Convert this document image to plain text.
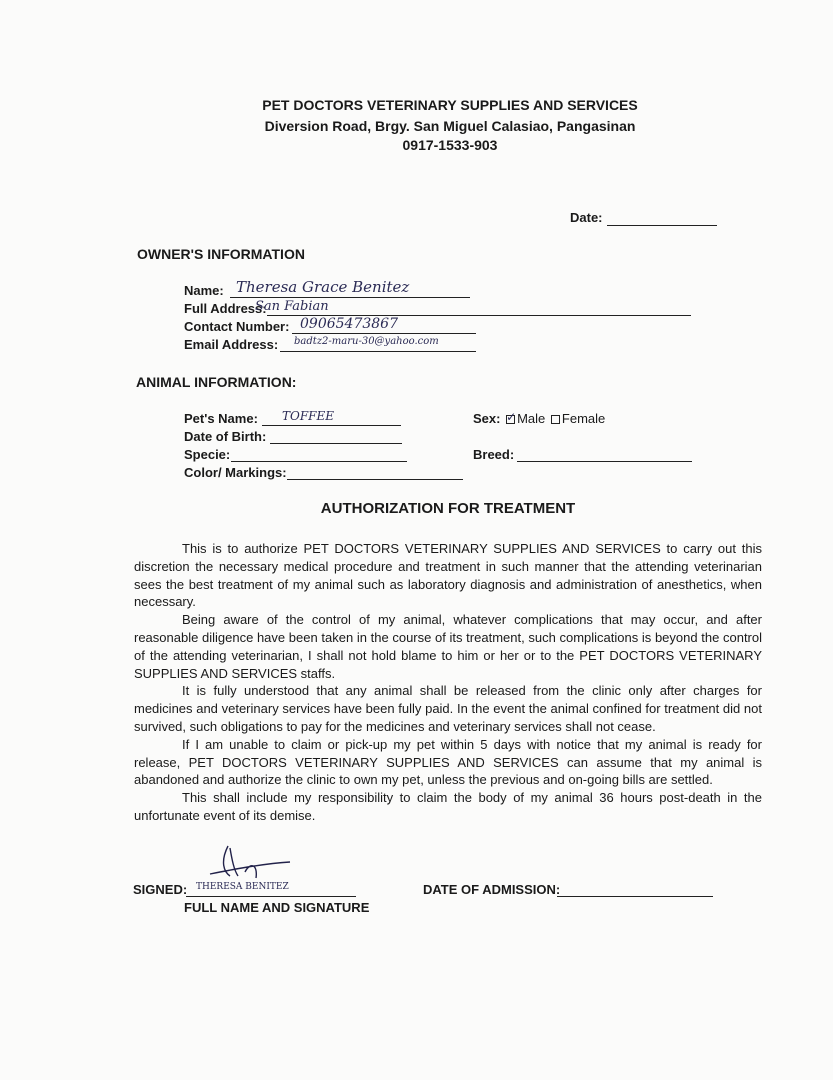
PET DOCTORS VETERINARY SUPPLIES AND SERVICES
Diversion Road, Brgy. San Miguel Calasiao, Pangasinan
0917-1533-903
Date:
OWNER'S INFORMATION
Name: Theresa Grace Benitez
Full Address:
San Fabian
Contact Number: 09065473867
Email Address: badtz2-maru-30@yahoo.com
ANIMAL INFORMATION:
Pet's Name: TOFFEE
Date of Birth:
Specie:
Color/ Markings:
Sex: ✓ Male Female
Breed:
AUTHORIZATION FOR TREATMENT

This is to authorize PET DOCTORS VETERINARY SUPPLIES AND SERVICES to carry out this discretion the necessary medical procedure and treatment in such manner that the attending veterinarian sees the best treatment of my animal such as laboratory diagnosis and administration of anesthetics, when necessary.

Being aware of the control of my animal, whatever complications that may occur, and after reasonable diligence have been taken in the course of its treatment, such complications is beyond the control of the attending veterinarian, I shall not hold blame to him or her or to the PET DOCTORS VETERINARY SUPPLIES AND SERVICES staffs.

It is fully understood that any animal shall be released from the clinic only after charges for medicines and veterinary services have been fully paid. In the event the animal confined for treatment did not survived, such obligations to pay for the medicines and veterinary services shall not cease.

If I am unable to claim or pick-up my pet within 5 days with notice that my animal is ready for release, PET DOCTORS VETERINARY SUPPLIES AND SERVICES can assume that my animal is abandoned and authorize the clinic to own my pet, unless the previous and on-going bills are settled.

This shall include my responsibility to claim the body of my animal 36 hours post-death in the unfortunate event of its demise.

SIGNED: THERESA BENITEZ
FULL NAME AND SIGNATURE
DATE OF ADMISSION:
